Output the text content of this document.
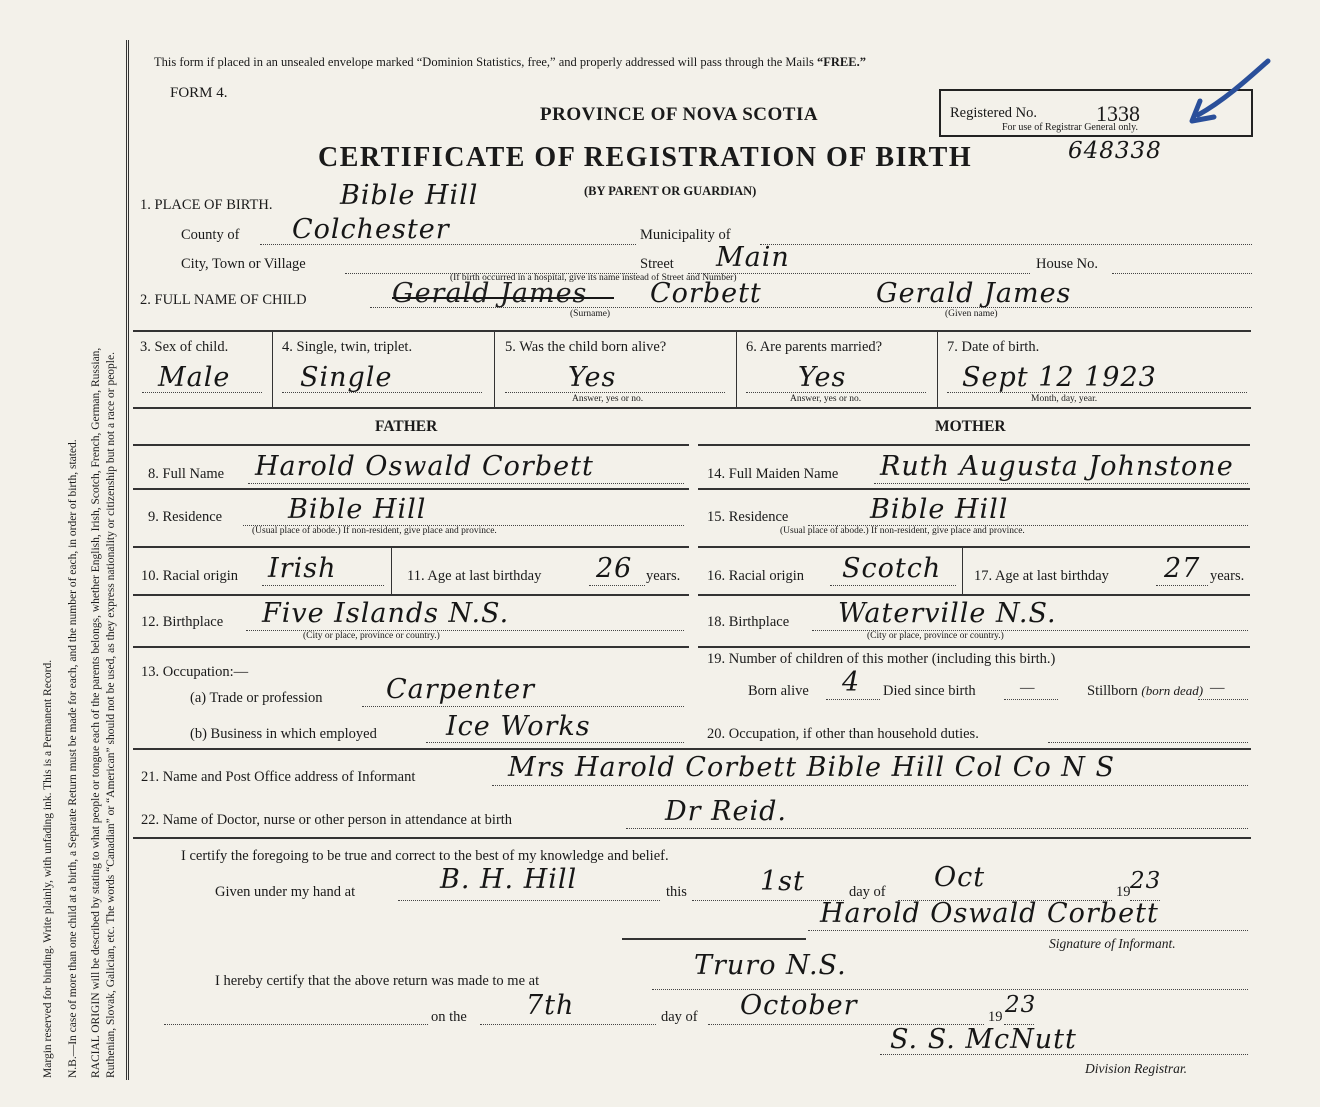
Margin reserved for binding. Write plainly, with unfading ink. This is a Permanent Record. N.B.—In case of more than one child at a birth, a Separate Return must be made for each, and the number of each, in order of birth, stated. RACIAL ORIGIN will be described by stating to what people or tongue each of the parents belongs, whether English, Irish, Scotch, French, German, Russian, Ruthenian, Slovak, Galician, etc. The words “Canadian” or “American” should not be used, as they express nationality or citizenship but not a race or people.
This form if placed in an unsealed envelope marked “Dominion Statistics, free,” and properly addressed will pass through the Mails “FREE.”
FORM 4.
PROVINCE OF NOVA SCOTIA
CERTIFICATE OF REGISTRATION OF BIRTH
(BY PARENT OR GUARDIAN)
Registered No.	1338
For use of Registrar General only.
648338
1. PLACE OF BIRTH.	Bible Hill
County of Colchester	Municipality of
City, Town or Village	Street Main	House No.
(If birth occurred in a hospital, give its name instead of Street and Number)
2. FULL NAME OF CHILD	Gerald James Corbett	Gerald James
(Surname)	(Given name)
3. Sex of child.
Male
4. Single, twin, triplet.
Single
5. Was the child born alive?
Yes
Answer, yes or no.
6. Are parents married?
Yes
Answer, yes or no.
7. Date of birth.
Sept 12 1923
Month, day, year.
FATHER	MOTHER
8. Full Name Harold Oswald Corbett
9. Residence Bible Hill
(Usual place of abode.) If non-resident, give place and province.
10. Racial origin Irish	11. Age at last birthday 26 years.
12. Birthplace Five Islands N.S.
(City or place, province or country.)
13. Occupation:—
(a) Trade or profession Carpenter
(b) Business in which employed	Ice Works
14. Full Maiden Name Ruth Augusta Johnstone
15. Residence	Bible Hill
(Usual place of abode.) If non-resident, give place and province.
16. Racial origin Scotch 17. Age at last birthday 27 years.
18. Birthplace Waterville N.S.
(City or place, province or country.)
19. Number of children of this mother (including this birth.)
Born alive 4 Died since birth	—	Stillborn (born dead) —
20. Occupation, if other than household duties.
21. Name and Post Office address of Informant	Mrs Harold Corbett Bible Hill Col Co N S
22. Name of Doctor, nurse or other person in attendance at birth	Dr Reid.
I certify the foregoing to be true and correct to the best of my knowledge and belief.
Given under my hand at	B. H. Hill	this	1st	day of Oct	19 23
Harold Oswald Corbett
Signature of Informant.
I hereby certify that the above return was made to me at	Truro N.S.
on the 7th	day of October	19 23
S. S. McNutt
Division Registrar.
